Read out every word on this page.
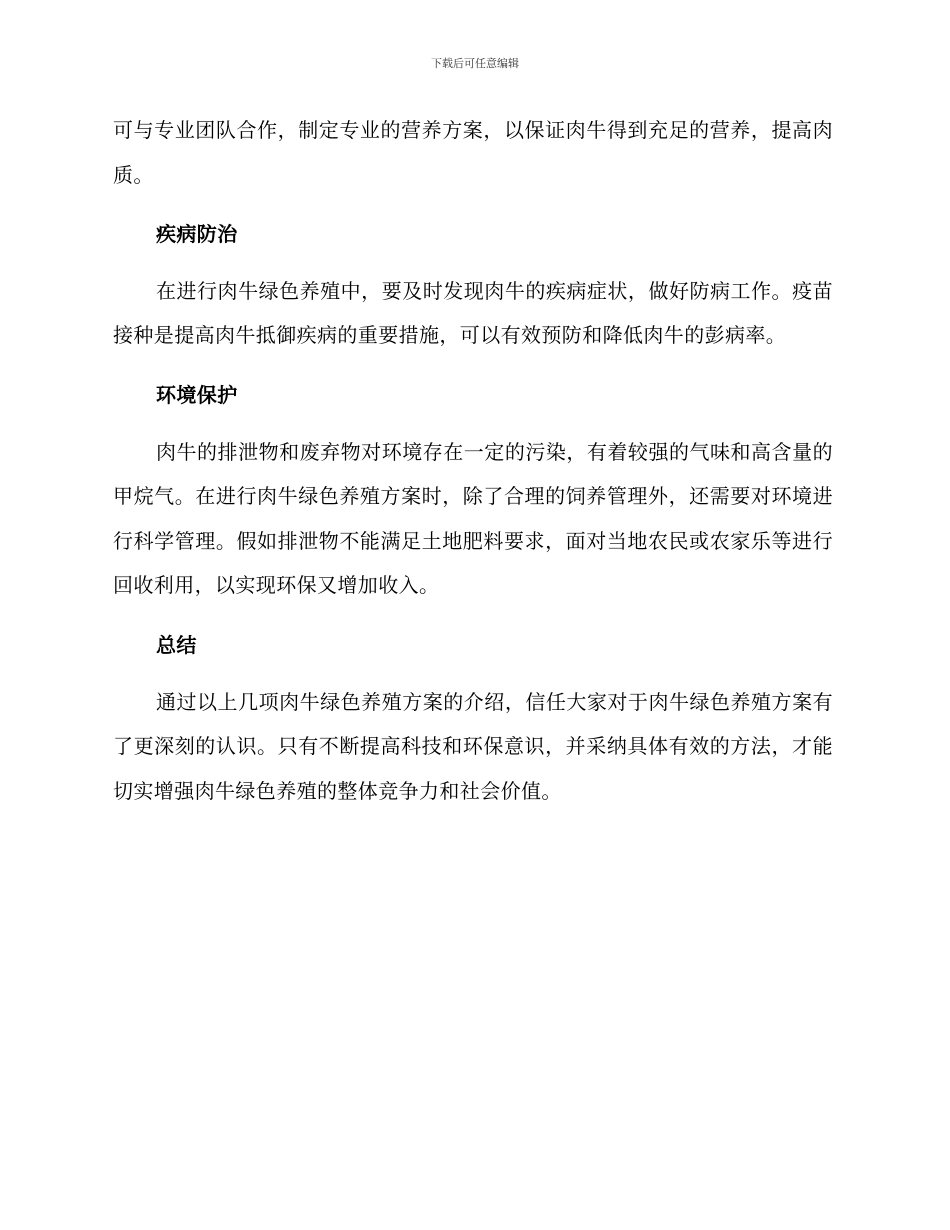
下载后可任意编辑

可与专业团队合作，制定专业的营养方案，以保证肉牛得到充足的营养，提高肉质。

疾病防治

在进行肉牛绿色养殖中，要及时发现肉牛的疾病症状，做好防病工作。疫苗接种是提高肉牛抵御疾病的重要措施，可以有效预防和降低肉牛的彭病率。

环境保护

肉牛的排泄物和废弃物对环境存在一定的污染，有着较强的气味和高含量的甲烷气。在进行肉牛绿色养殖方案时，除了合理的饲养管理外，还需要对环境进行科学管理。假如排泄物不能满足土地肥料要求，面对当地农民或农家乐等进行回收利用，以实现环保又增加收入。

总结

通过以上几项肉牛绿色养殖方案的介绍，信任大家对于肉牛绿色养殖方案有了更深刻的认识。只有不断提高科技和环保意识，并采纳具体有效的方法，才能切实增强肉牛绿色养殖的整体竞争力和社会价值。
